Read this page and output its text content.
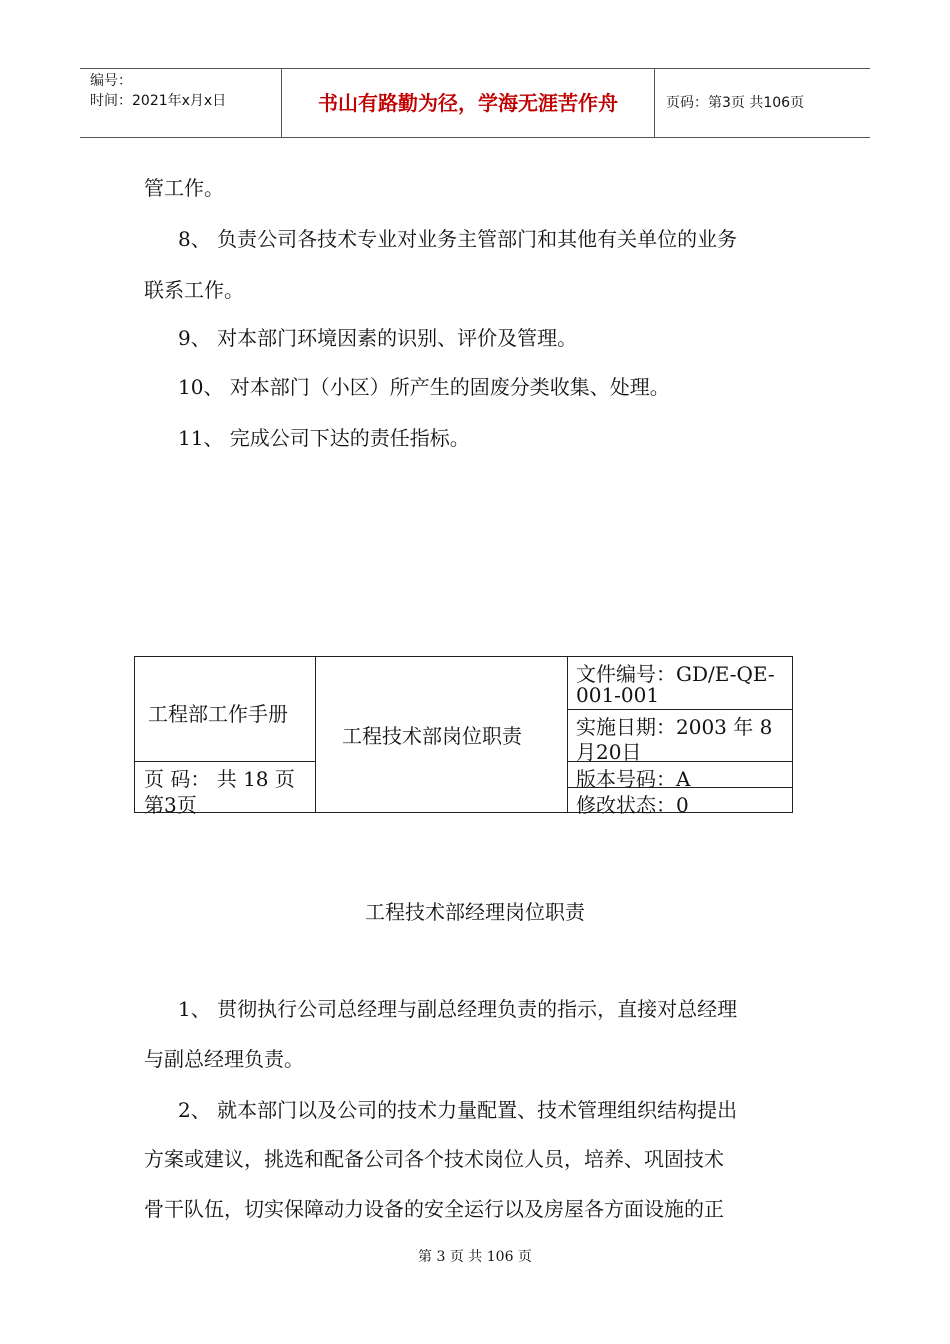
编号：
时间：2021年x月x日	书山有路勤为径，学海无涯苦作舟	页码：第3页 共106页
管工作。
8、 负责公司各技术专业对业务主管部门和其他有关单位的业务
联系工作。
9、 对本部门环境因素的识别、评价及管理。
10、 对本部门（小区）所产生的固废分类收集、处理。
11、 完成公司下达的责任指标。
工程部工作手册
工程技术部岗位职责
页 码： 共 18 页
第3页
文件编号：GD/E-QE-
001-001
实施日期：2003 年 8
月20日
版本号码：A
修改状态：0
工程技术部经理岗位职责
1、 贯彻执行公司总经理与副总经理负责的指示，直接对总经理
与副总经理负责。
2、 就本部门以及公司的技术力量配置、技术管理组织结构提出
方案或建议，挑选和配备公司各个技术岗位人员，培养、巩固技术
骨干队伍，切实保障动力设备的安全运行以及房屋各方面设施的正
第 3 页 共 106 页
